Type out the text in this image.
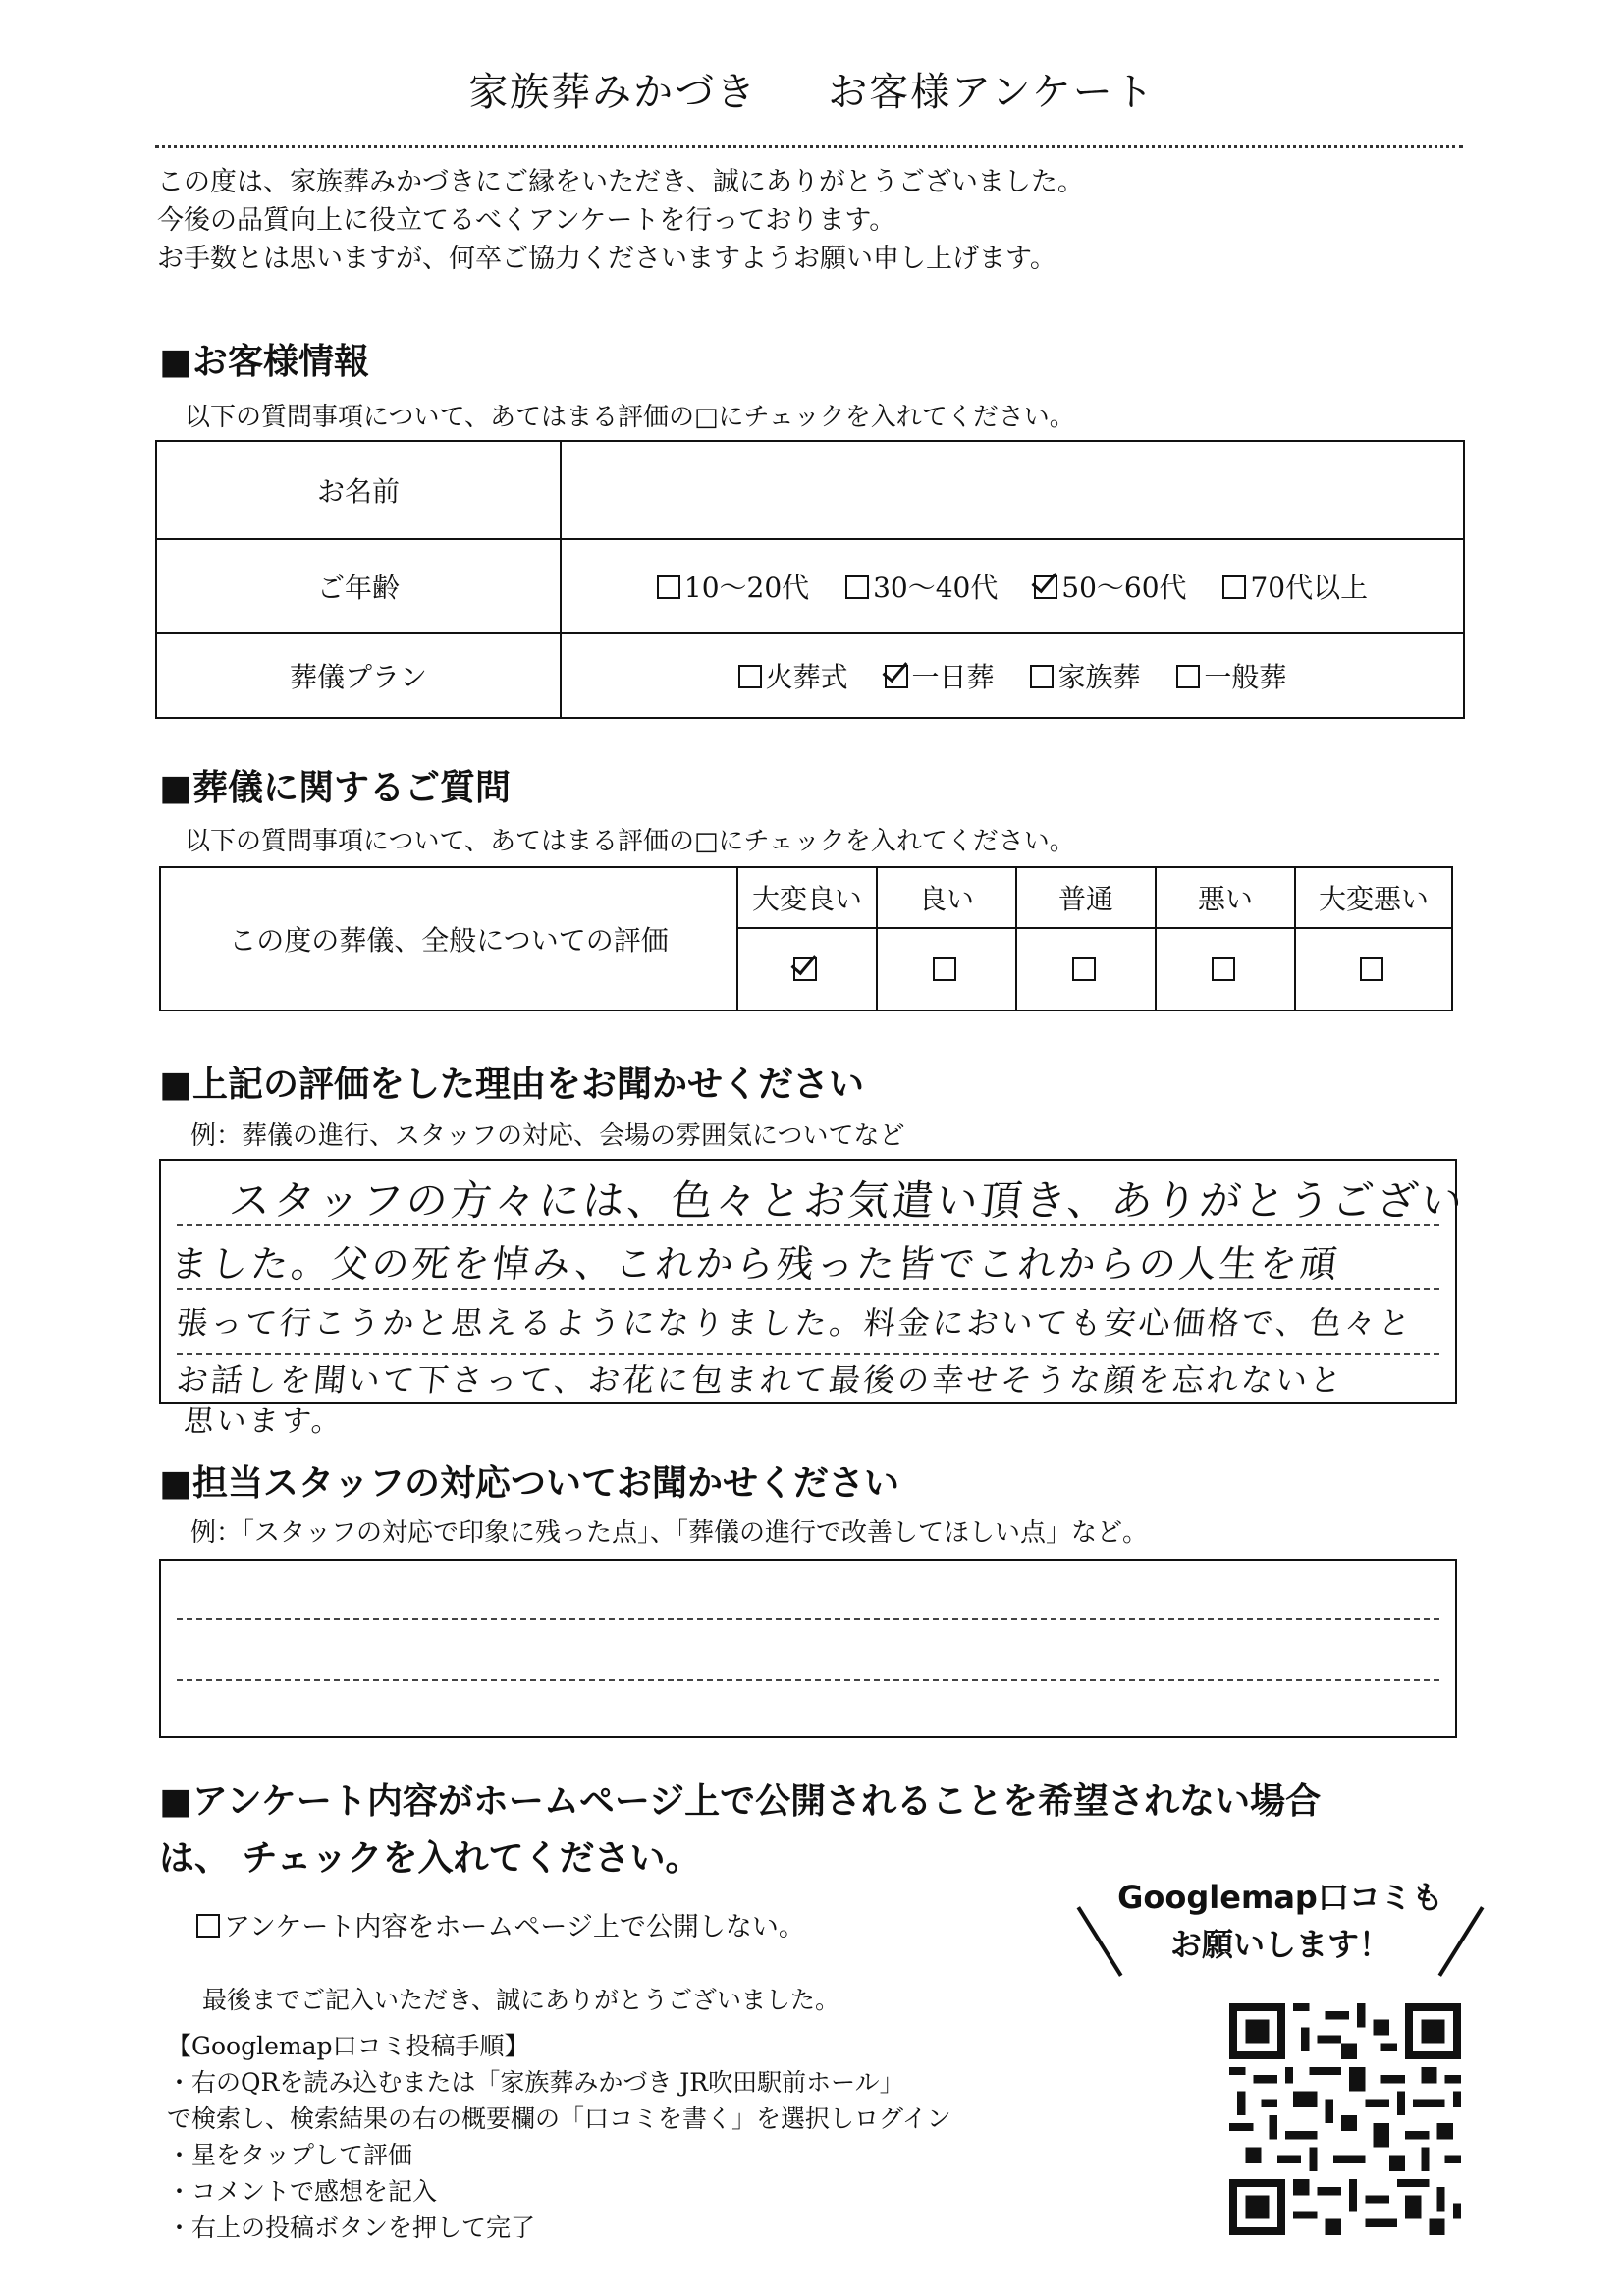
家族葬みかづき お客様アンケート
この度は、家族葬みかづきにご縁をいただき、誠にありがとうございました。
今後の品質向上に役立てるべくアンケートを行っております。
お手数とは思いますが、何卒ご協力くださいますようお願い申し上げます。
■お客様情報
以下の質問事項について、あてはまる評価の□にチェックを入れてください。
お名前	
ご年齢	10～20代 30～40代 50～60代 70代以上
葬儀プラン	火葬式 一日葬 家族葬 一般葬
■葬儀に関するご質問
以下の質問事項について、あてはまる評価の□にチェックを入れてください。
この度の葬儀、全般についての評価	大変良い	良い	普通	悪い	大変悪い

■上記の評価をした理由をお聞かせください
例：葬儀の進行、スタッフの対応、会場の雰囲気についてなど
スタッフの方々には、色々とお気遣い頂き、ありがとうござい
ました。父の死を悼み、これから残った皆でこれからの人生を頑
張って行こうかと思えるようになりました。料金においても安心価格で、色々と
お話しを聞いて下さって、お花に包まれて最後の幸せそうな顔を忘れないと
思います。
■担当スタッフの対応ついてお聞かせください
例：「スタッフの対応で印象に残った点」、「葬儀の進行で改善してほしい点」など。
■アンケート内容がホームページ上で公開されることを希望されない場合
は、 チェックを入れてください。
アンケート内容をホームページ上で公開しない。
Googlemap口コミも
お願いします！
最後までご記入いただき、誠にありがとうございました。
【Googlemap口コミ投稿手順】
・右のQRを読み込むまたは「家族葬みかづき JR吹田駅前ホール」
で検索し、検索結果の右の概要欄の「口コミを書く」を選択しログイン
・星をタップして評価
・コメントで感想を記入
・右上の投稿ボタンを押して完了
